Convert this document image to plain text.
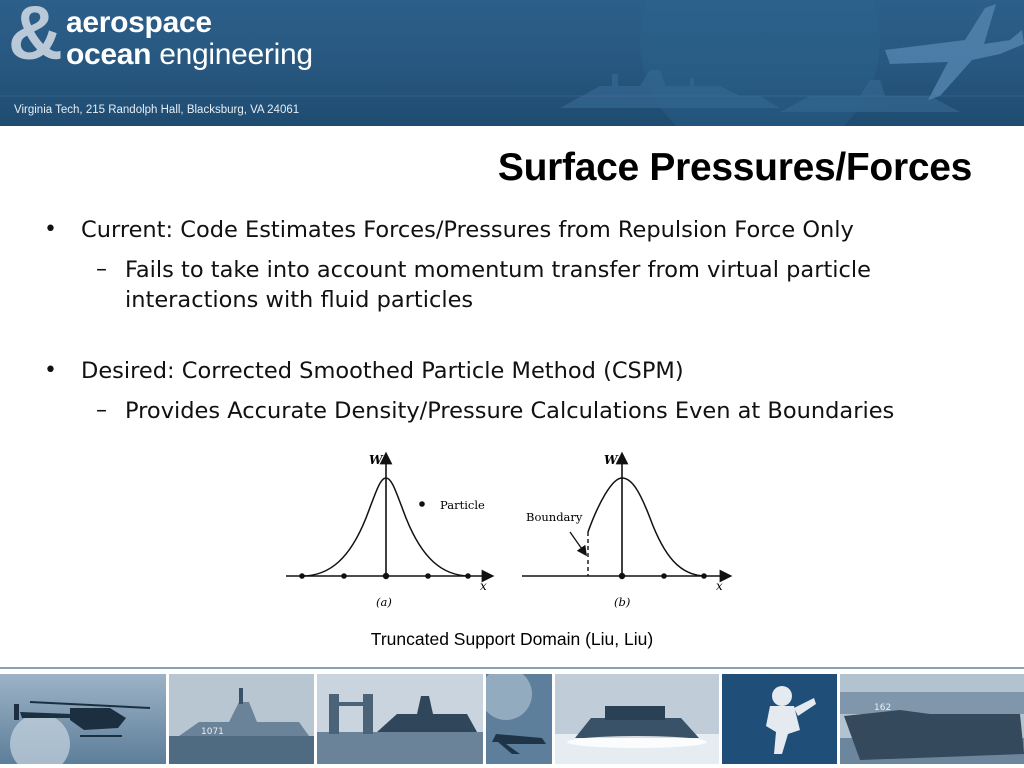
& aerospace
ocean engineering
Virginia Tech, 215 Randolph Hall, Blacksburg, VA 24061
Surface Pressures/Forces
• Current: Code Estimates Forces/Pressures from Repulsion Force Only
– Fails to take into account momentum transfer from virtual particle
interactions with fluid particles
• Desired: Corrected Smoothed Particle Method (CSPM)
– Provides Accurate Density/Pressure Calculations Even at Boundaries
W
x
Particle
(a)
W
x
Boundary
(b)
Truncated Support Domain (Liu, Liu)
1071
162
